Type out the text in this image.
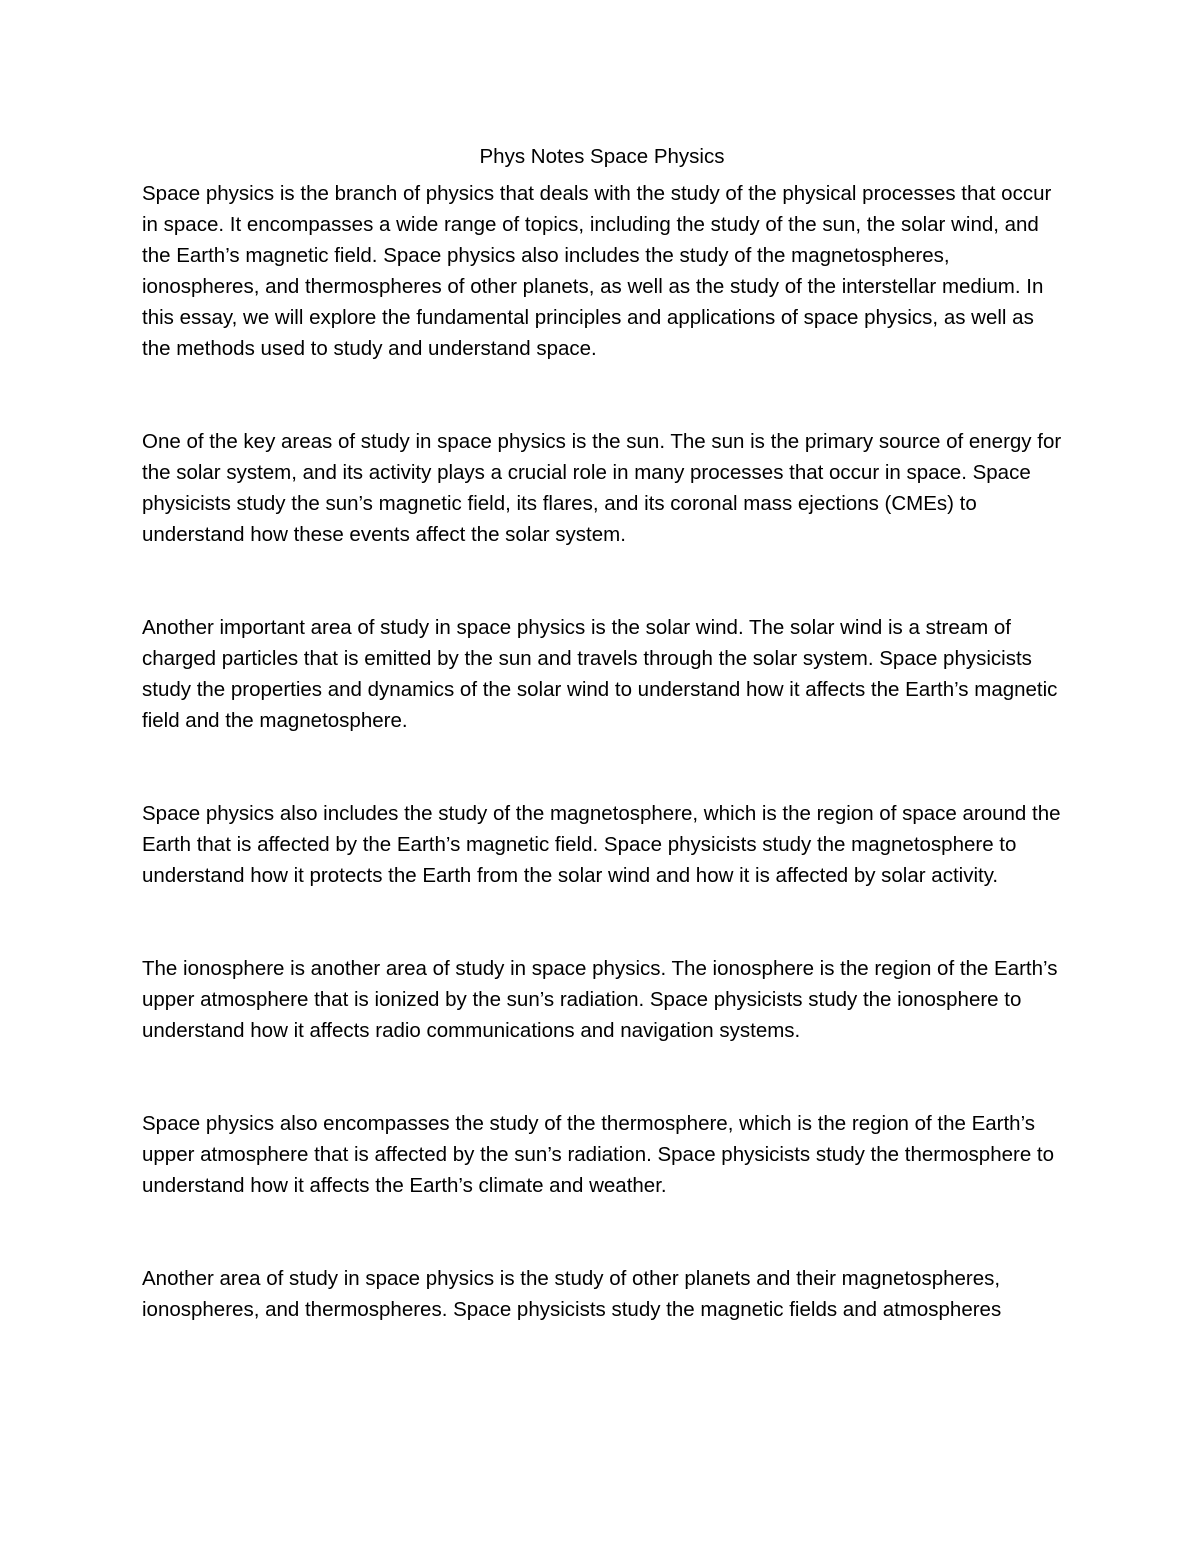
Phys Notes Space Physics

Space physics is the branch of physics that deals with the study of the physical processes that occur in space. It encompasses a wide range of topics, including the study of the sun, the solar wind, and the Earth’s magnetic field. Space physics also includes the study of the magnetospheres, ionospheres, and thermospheres of other planets, as well as the study of the interstellar medium. In this essay, we will explore the fundamental principles and applications of space physics, as well as the methods used to study and understand space.

One of the key areas of study in space physics is the sun. The sun is the primary source of energy for the solar system, and its activity plays a crucial role in many processes that occur in space. Space physicists study the sun’s magnetic field, its flares, and its coronal mass ejections (CMEs) to understand how these events affect the solar system.

Another important area of study in space physics is the solar wind. The solar wind is a stream of charged particles that is emitted by the sun and travels through the solar system. Space physicists study the properties and dynamics of the solar wind to understand how it affects the Earth’s magnetic field and the magnetosphere.

Space physics also includes the study of the magnetosphere, which is the region of space around the Earth that is affected by the Earth’s magnetic field. Space physicists study the magnetosphere to understand how it protects the Earth from the solar wind and how it is affected by solar activity.

The ionosphere is another area of study in space physics. The ionosphere is the region of the Earth’s upper atmosphere that is ionized by the sun’s radiation. Space physicists study the ionosphere to understand how it affects radio communications and navigation systems.

Space physics also encompasses the study of the thermosphere, which is the region of the Earth’s upper atmosphere that is affected by the sun’s radiation. Space physicists study the thermosphere to understand how it affects the Earth’s climate and weather.

Another area of study in space physics is the study of other planets and their magnetospheres, ionospheres, and thermospheres. Space physicists study the magnetic fields and atmospheres
